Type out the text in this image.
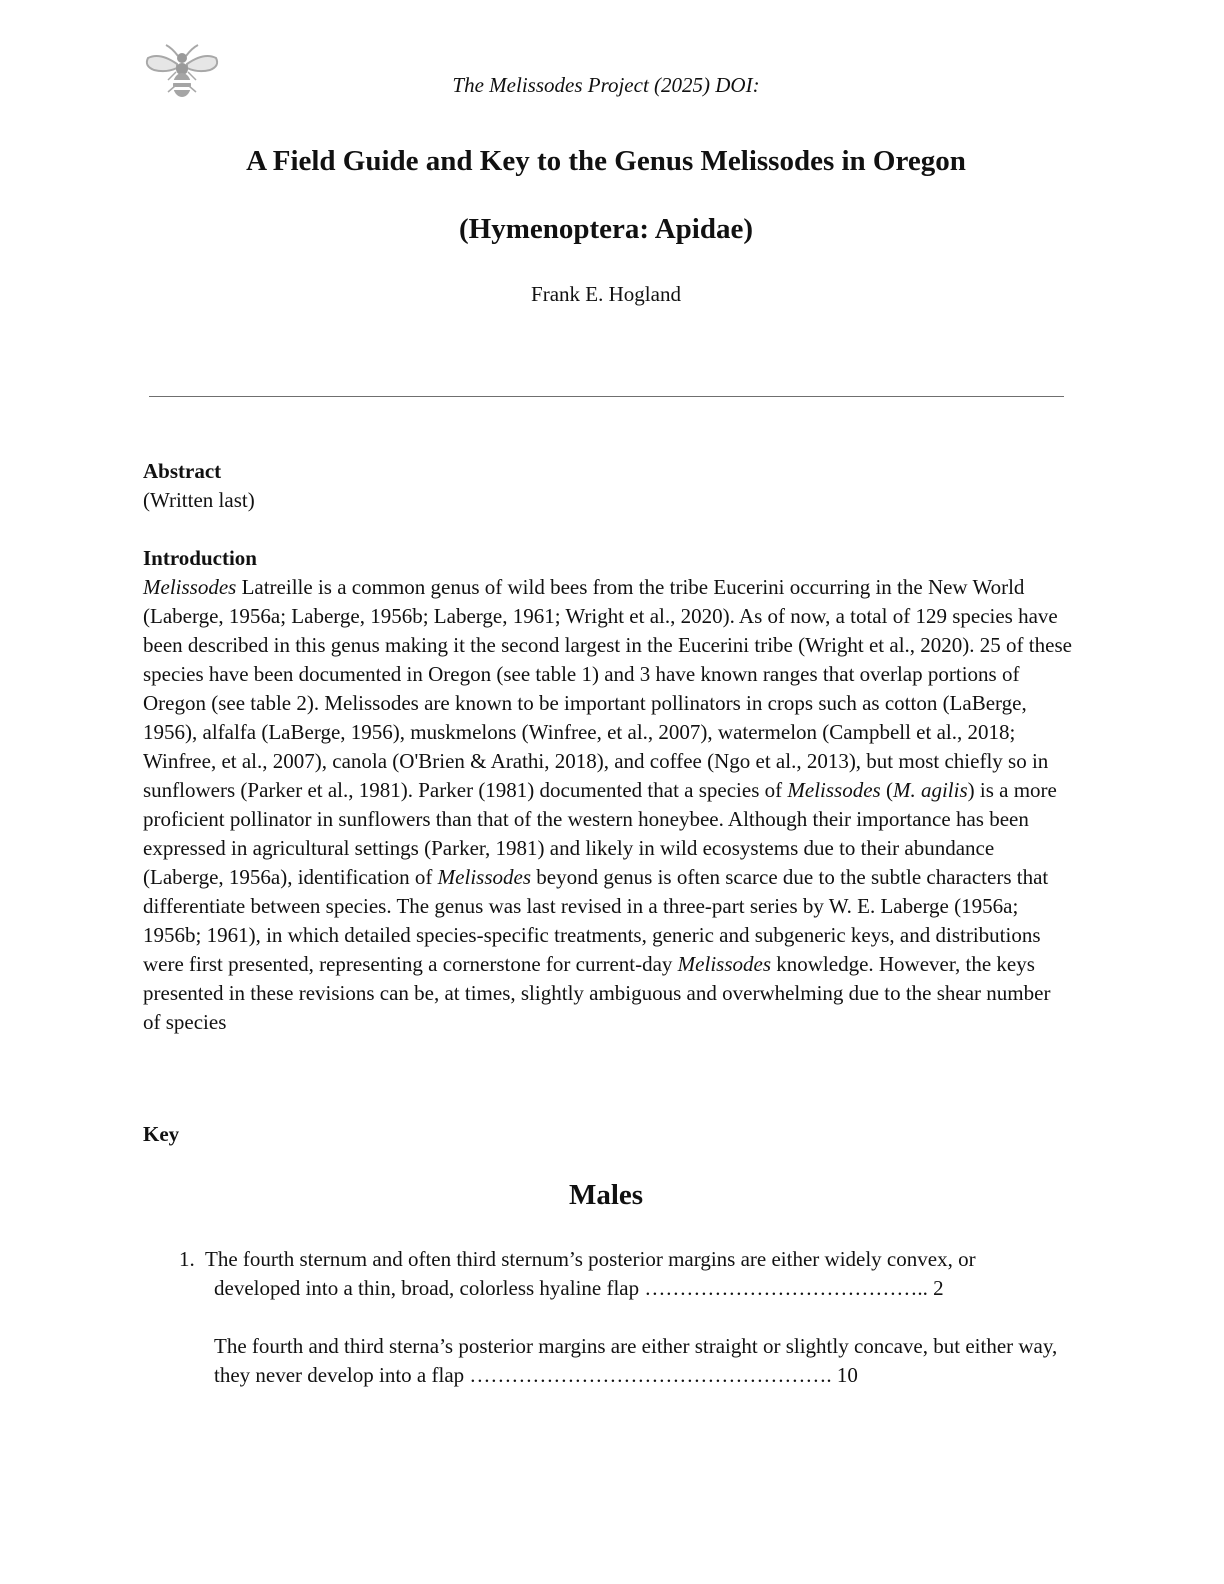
The Melissodes Project (2025) DOI:
A Field Guide and Key to the Genus Melissodes in Oregon
(Hymenoptera: Apidae)
Frank E. Hogland
Abstract
(Written last)
Introduction

Melissodes Latreille is a common genus of wild bees from the tribe Eucerini occurring in the New World (Laberge, 1956a; Laberge, 1956b; Laberge, 1961; Wright et al., 2020). As of now, a total of 129 species have been described in this genus making it the second largest in the Eucerini tribe (Wright et al., 2020). 25 of these species have been documented in Oregon (see table 1) and 3 have known ranges that overlap portions of Oregon (see table 2). Melissodes are known to be important pollinators in crops such as cotton (LaBerge, 1956), alfalfa (LaBerge, 1956), muskmelons (Winfree, et al., 2007), watermelon (Campbell et al., 2018; Winfree, et al., 2007), canola (O'Brien & Arathi, 2018), and coffee (Ngo et al., 2013), but most chiefly so in sunflowers (Parker et al., 1981). Parker (1981) documented that a species of Melissodes (M. agilis) is a more proficient pollinator in sunflowers than that of the western honeybee. Although their importance has been expressed in agricultural settings (Parker, 1981) and likely in wild ecosystems due to their abundance (Laberge, 1956a), identification of Melissodes beyond genus is often scarce due to the subtle characters that differentiate between species. The genus was last revised in a three-part series by W. E. Laberge (1956a; 1956b; 1961), in which detailed species-specific treatments, generic and subgeneric keys, and distributions were first presented, representing a cornerstone for current-day Melissodes knowledge. However, the keys presented in these revisions can be, at times, slightly ambiguous and overwhelming due to the shear number of species

Key
Males
1. The fourth sternum and often third sternum’s posterior margins are either widely convex, or developed into a thin, broad, colorless hyaline flap ………………………………….. 2
The fourth and third sterna’s posterior margins are either straight or slightly concave, but either way, they never develop into a flap ……………………………………………. 10
